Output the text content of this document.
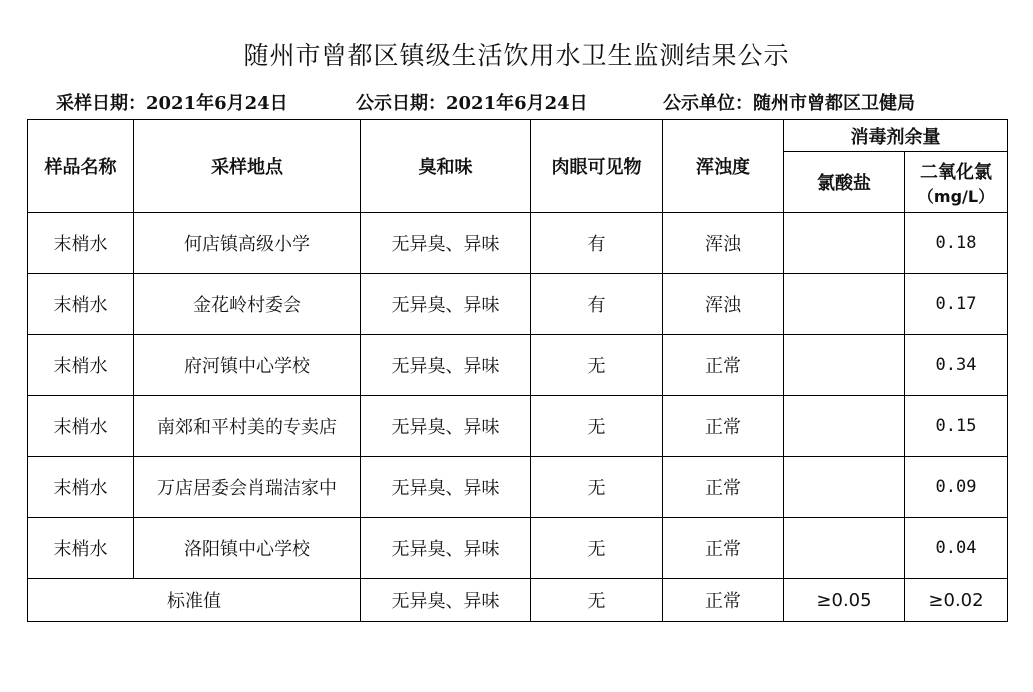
随州市曾都区镇级生活饮用水卫生监测结果公示
采样日期：2021年6月24日	公示日期：2021年6月24日	公示单位：随州市曾都区卫健局
样品名称	采样地点	臭和味	肉眼可见物	浑浊度	消毒剂余量	
					氯酸盐	二氧化氯
（mg/L）

末梢水	何店镇高级小学	无异臭、异味	有	浑浊		0.18
末梢水	金花岭村委会	无异臭、异味	有	浑浊		0.17
末梢水	府河镇中心学校	无异臭、异味	无	正常		0.34
末梢水	南郊和平村美的专卖店	无异臭、异味	无	正常		0.15
末梢水	万店居委会肖瑞洁家中	无异臭、异味	无	正常		0.09
末梢水	洛阳镇中心学校	无异臭、异味	无	正常		0.04
标准值		无异臭、异味	无	正常	≥0.05	≥0.02
